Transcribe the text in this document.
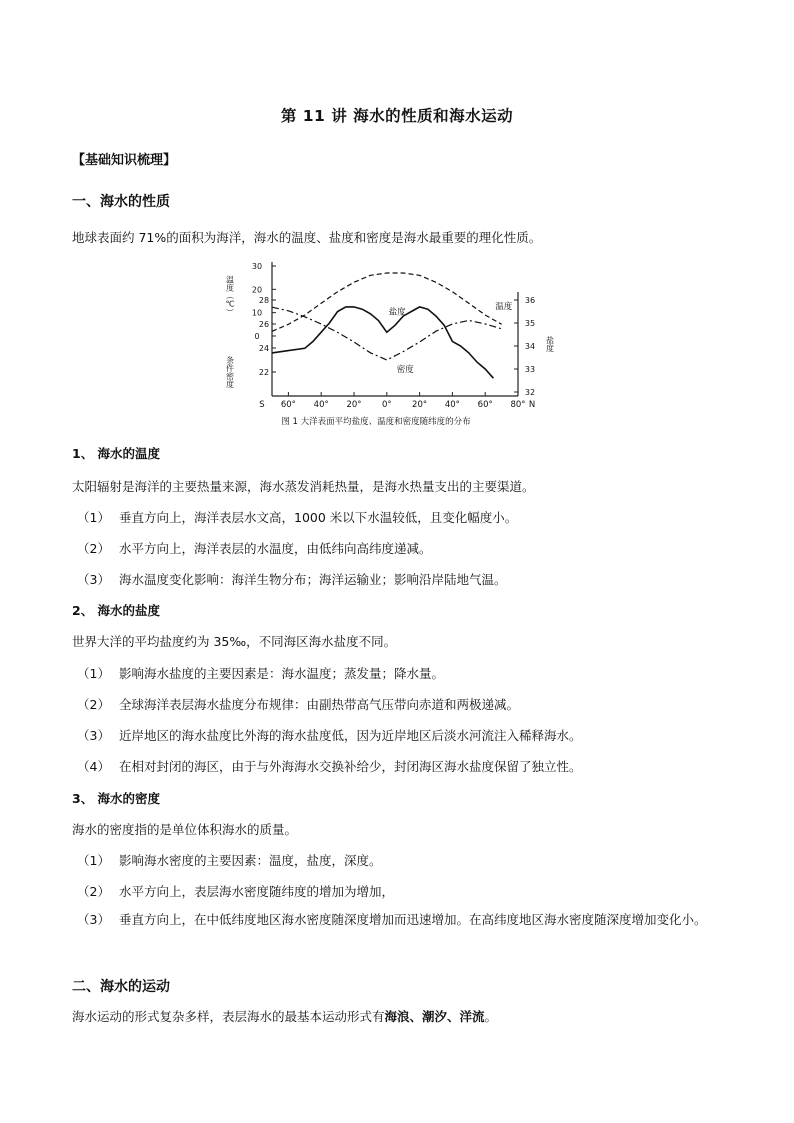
第 11 讲 海水的性质和海水运动
【基础知识梳理】
一、海水的性质
地球表面约 71%的面积为海洋，海水的温度、盐度和密度是海水最重要的理化性质。
S 60° 40° 20° 0° 20° 40° 60° 80° N
30
20
10
0
28
26
24
22
36
35
34
33
32
温度（℃）
条件密度
盐度
温度
盐度
密度
图 1 大洋表面平均盐度、温度和密度随纬度的分布
1、 海水的温度
太阳辐射是海洋的主要热量来源，海水蒸发消耗热量，是海水热量支出的主要渠道。
（1） 垂直方向上，海洋表层水文高，1000 米以下水温较低，且变化幅度小。
（2） 水平方向上，海洋表层的水温度，由低纬向高纬度递减。
（3） 海水温度变化影响：海洋生物分布；海洋运输业；影响沿岸陆地气温。
2、 海水的盐度
世界大洋的平均盐度约为 35‰，不同海区海水盐度不同。
（1） 影响海水盐度的主要因素是：海水温度；蒸发量；降水量。
（2） 全球海洋表层海水盐度分布规律：由副热带高气压带向赤道和两极递减。
（3） 近岸地区的海水盐度比外海的海水盐度低，因为近岸地区后淡水河流注入稀释海水。
（4） 在相对封闭的海区，由于与外海海水交换补给少，封闭海区海水盐度保留了独立性。
3、 海水的密度
海水的密度指的是单位体积海水的质量。
（1） 影响海水密度的主要因素：温度，盐度，深度。
（2） 水平方向上，表层海水密度随纬度的增加为增加，
（3） 垂直方向上，在中低纬度地区海水密度随深度增加而迅速增加。在高纬度地区海水密度随深度增加变化小。
二、海水的运动
海水运动的形式复杂多样，表层海水的最基本运动形式有海浪、潮汐、洋流。
